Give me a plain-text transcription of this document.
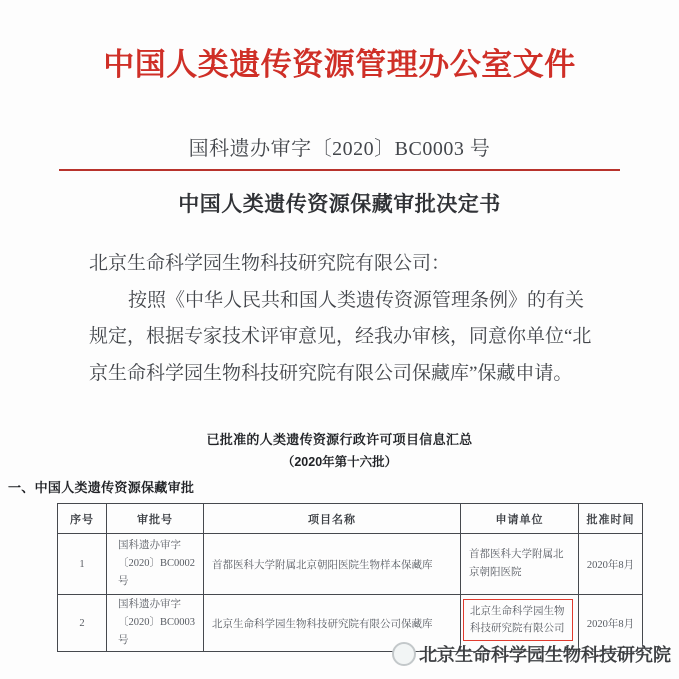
中国人类遗传资源管理办公室文件
国科遗办审字〔2020〕BC0003 号
中国人类遗传资源保藏审批决定书
北京生命科学园生物科技研究院有限公司：
按照《中华人民共和国人类遗传资源管理条例》的有关
规定，根据专家技术评审意见，经我办审核，同意你单位“北
京生命科学园生物科技研究院有限公司保藏库”保藏申请。
已批准的人类遗传资源行政许可项目信息汇总
（2020年第十六批）
一、中国人类遗传资源保藏审批
序号	审批号	项目名称	申请单位	批准时间
1	国科遗办审字
〔2020〕BC0002号	首都医科大学附属北京朝阳医院生物样本保藏库	首都医科大学附属北京朝阳医院	2020年8月
2	国科遗办审字
〔2020〕BC0003号	北京生命科学园生物科技研究院有限公司保藏库	北京生命科学园生物科技研究院有限公司	2020年8月
北京生命科学园生物科技研究院
